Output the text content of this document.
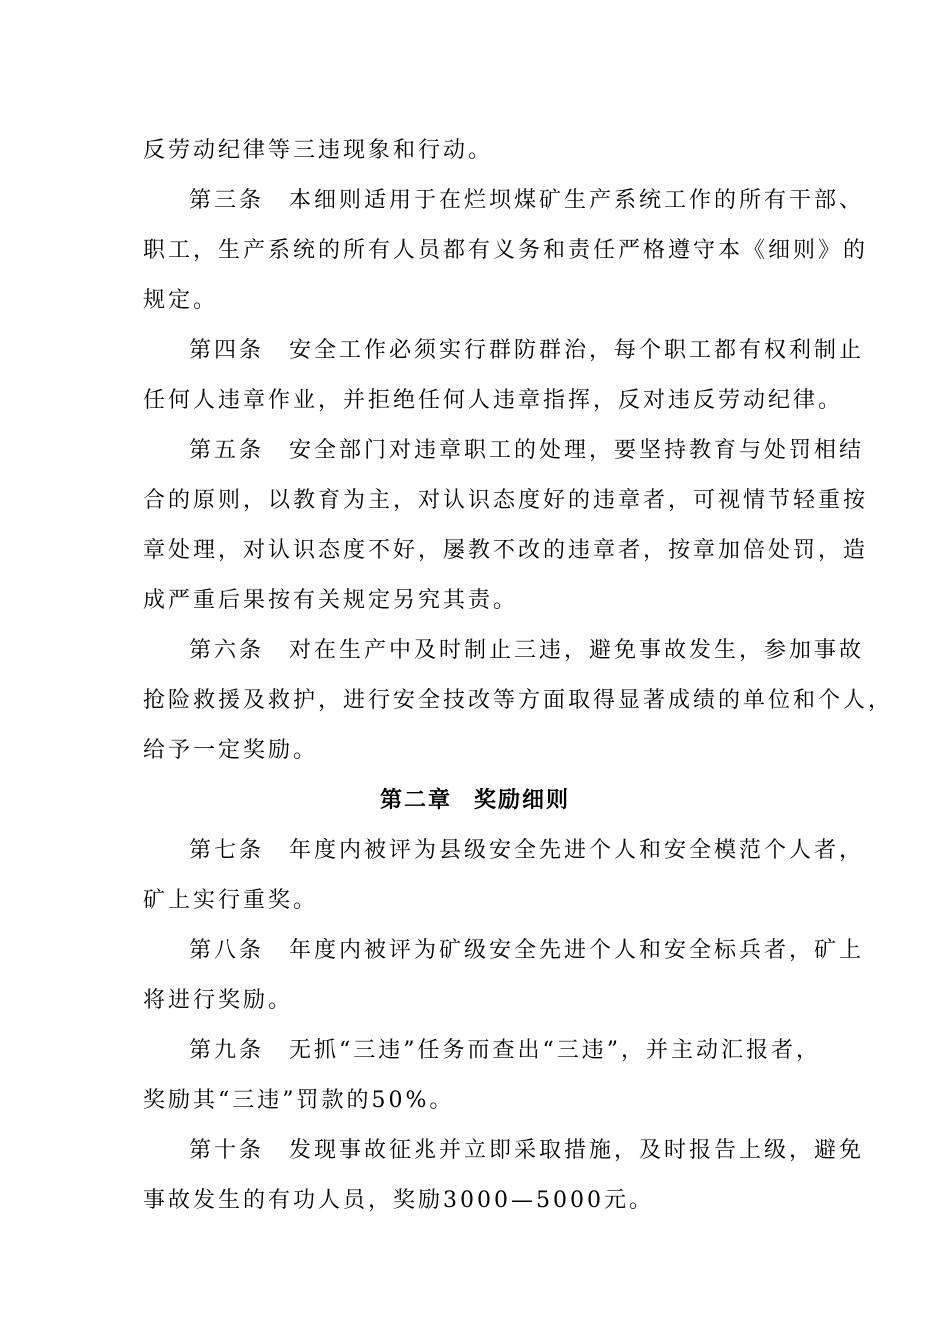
反劳动纪律等三违现象和行动。
第三条 本细则适用于在烂坝煤矿生产系统工作的所有干部、
职工，生产系统的所有人员都有义务和责任严格遵守本《细则》的
规定。
第四条 安全工作必须实行群防群治，每个职工都有权利制止
任何人违章作业，并拒绝任何人违章指挥，反对违反劳动纪律。
第五条 安全部门对违章职工的处理，要坚持教育与处罚相结
合的原则，以教育为主，对认识态度好的违章者，可视情节轻重按
章处理，对认识态度不好，屡教不改的违章者，按章加倍处罚，造
成严重后果按有关规定另究其责。
第六条 对在生产中及时制止三违，避免事故发生，参加事故
抢险救援及救护，进行安全技改等方面取得显著成绩的单位和个人，
给予一定奖励。
第二章 奖励细则
第七条 年度内被评为县级安全先进个人和安全模范个人者，
矿上实行重奖。
第八条 年度内被评为矿级安全先进个人和安全标兵者，矿上
将进行奖励。
第九条 无抓“三违”任务而查出“三违”，并主动汇报者，
奖励其“三违”罚款的50%。
第十条 发现事故征兆并立即采取措施，及时报告上级，避免
事故发生的有功人员，奖励3000—5000元。
